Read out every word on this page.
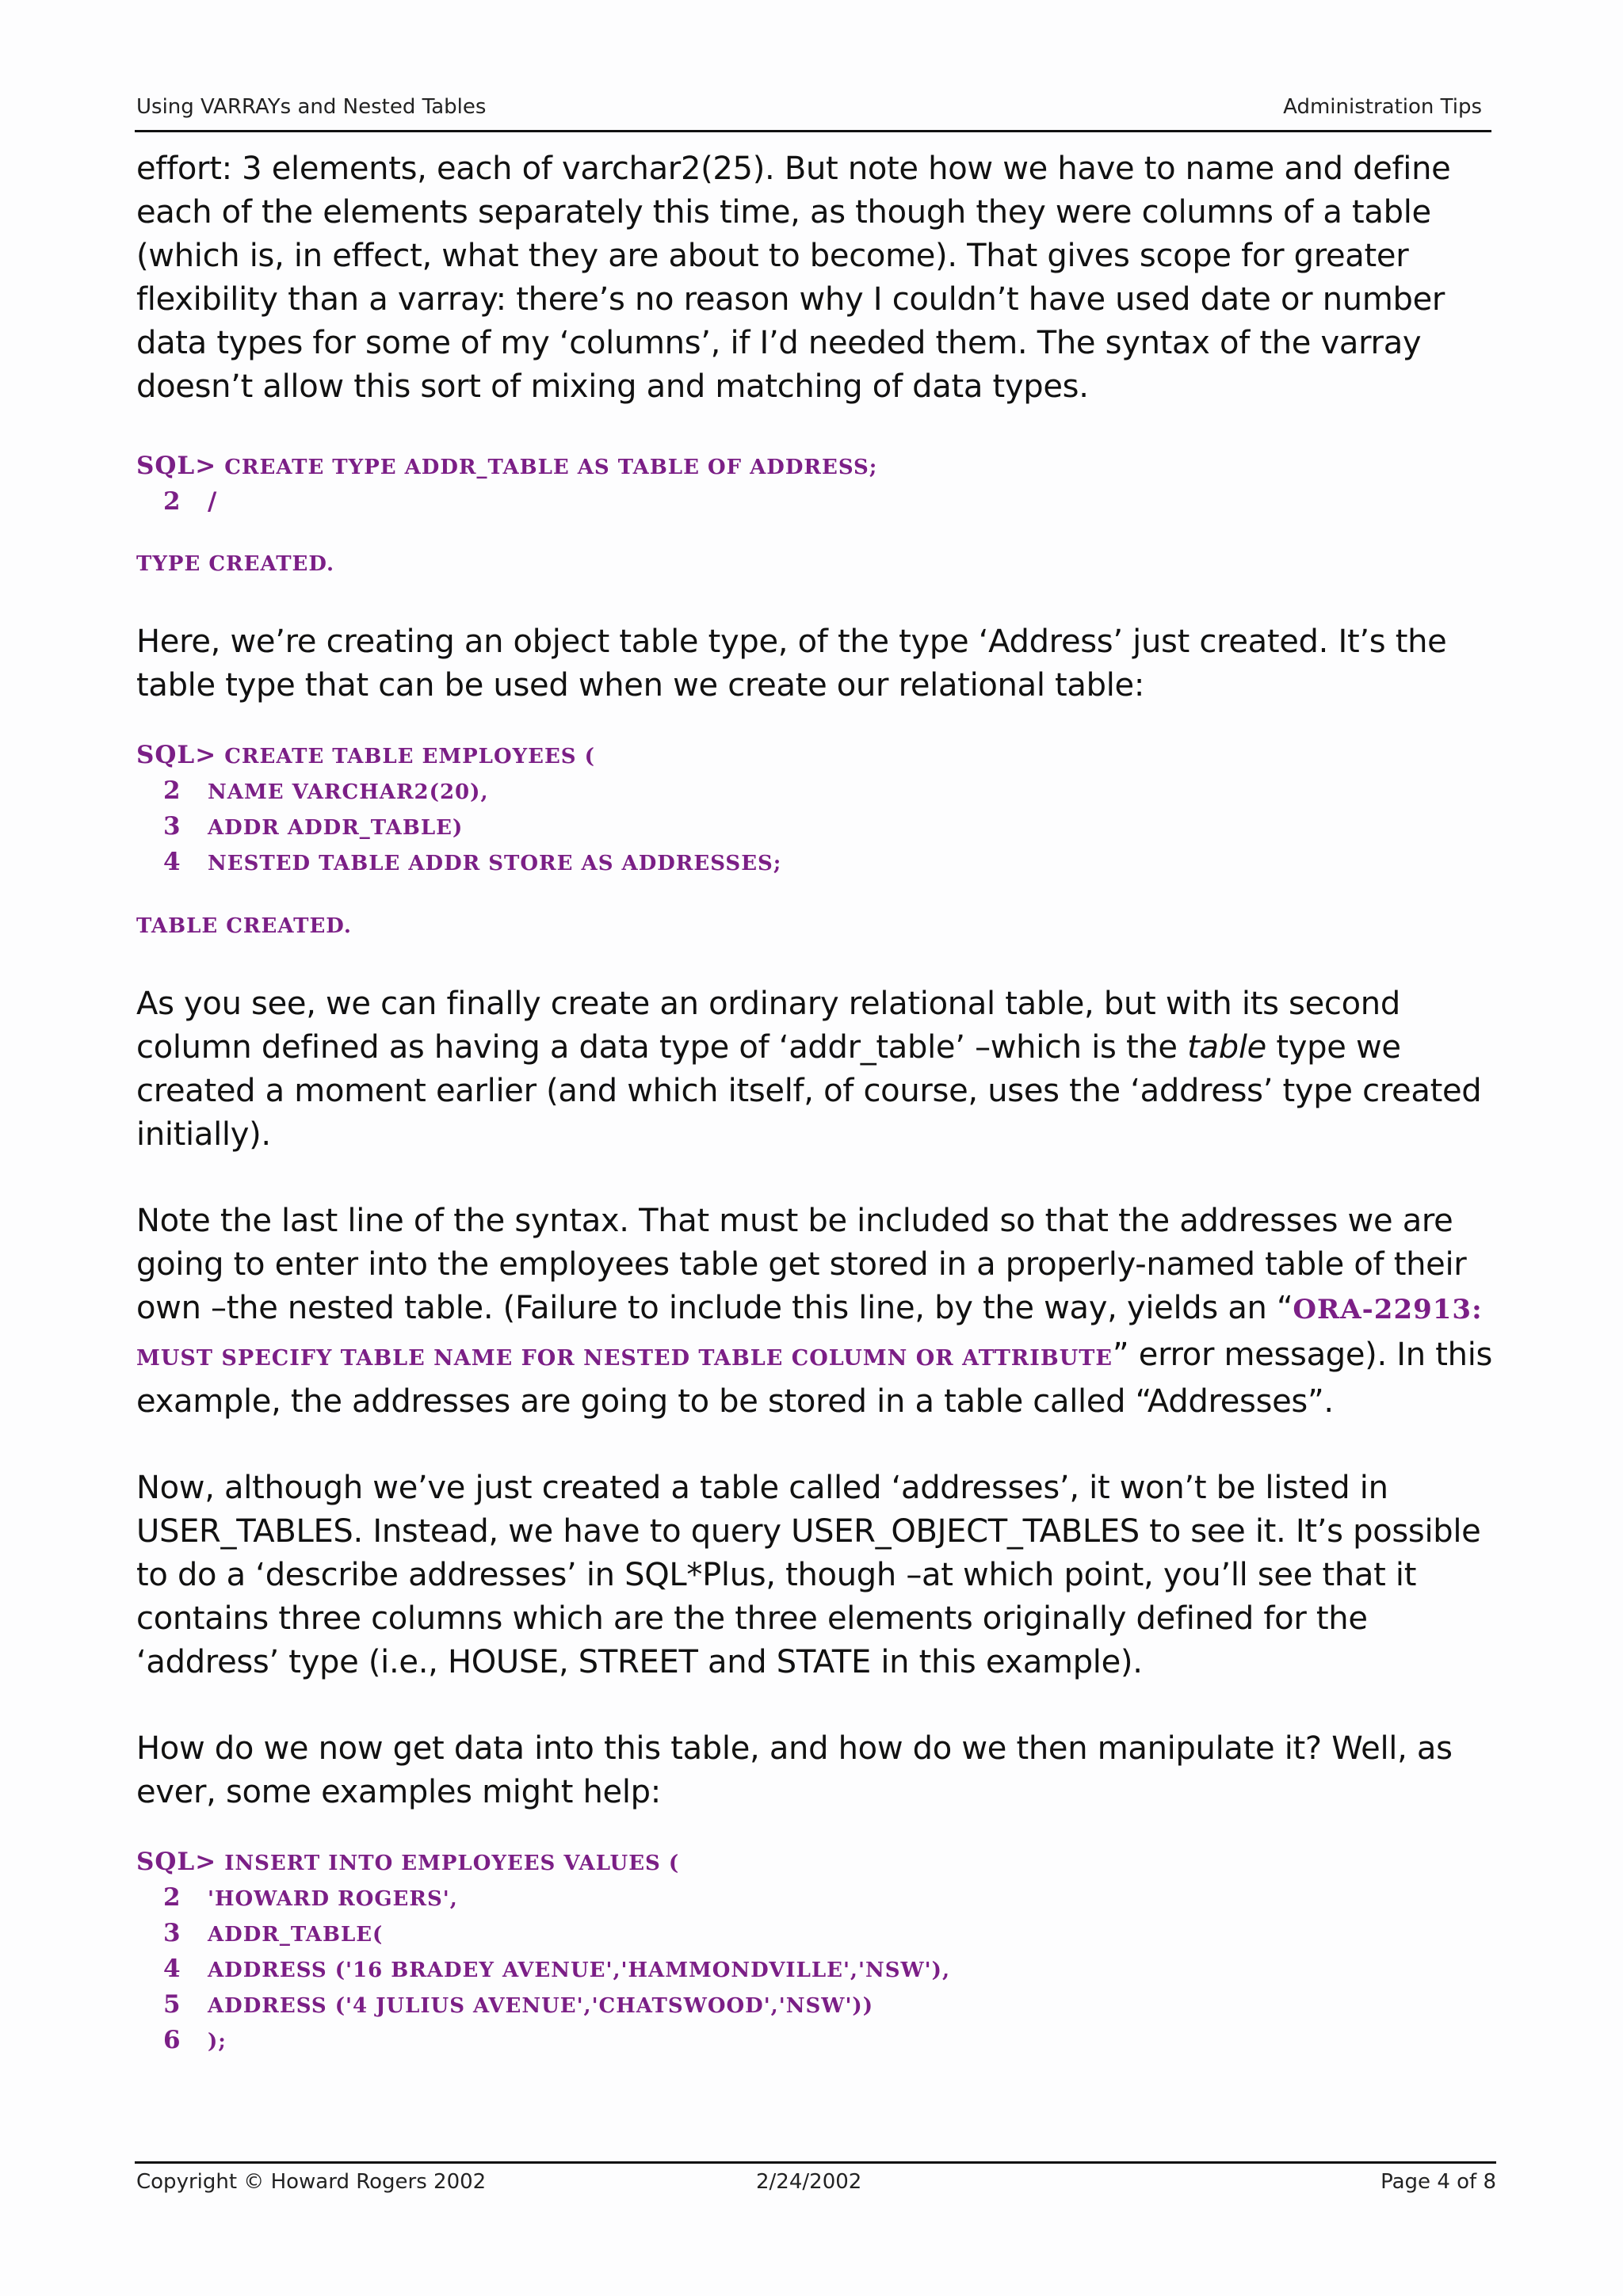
Using VARRAYs and Nested Tables	Administration Tips

effort: 3 elements, each of varchar2(25). But note how we have to name and define each of the elements separately this time, as though they were columns of a table (which is, in effect, what they are about to become). That gives scope for greater flexibility than a varray: there’s no reason why I couldn’t have used date or number data types for some of my ‘columns’, if I’d needed them. The syntax of the varray doesn’t allow this sort of mixing and matching of data types.

SQL> CREATE TYPE ADDR_TABLE AS TABLE OF ADDRESS;
2 /
TYPE CREATED.

Here, we’re creating an object table type, of the type ‘Address’ just created. It’s the table type that can be used when we create our relational table:

SQL> CREATE TABLE EMPLOYEES (
2 NAME VARCHAR2(20),
3 ADDR ADDR_TABLE)
4 NESTED TABLE ADDR STORE AS ADDRESSES;
TABLE CREATED.

As you see, we can finally create an ordinary relational table, but with its second column defined as having a data type of ‘addr_table’ –which is the table type we created a moment earlier (and which itself, of course, uses the ‘address’ type created initially).

Note the last line of the syntax. That must be included so that the addresses we are going to enter into the employees table get stored in a properly-named table of their own –the nested table. (Failure to include this line, by the way, yields an “ORA-22913: MUST SPECIFY TABLE NAME FOR NESTED TABLE COLUMN OR ATTRIBUTE” error message). In this example, the addresses are going to be stored in a table called “Addresses”.

Now, although we’ve just created a table called ‘addresses’, it won’t be listed in USER_TABLES. Instead, we have to query USER_OBJECT_TABLES to see it. It’s possible to do a ‘describe addresses’ in SQL*Plus, though –at which point, you’ll see that it contains three columns which are the three elements originally defined for the ‘address’ type (i.e., HOUSE, STREET and STATE in this example).

How do we now get data into this table, and how do we then manipulate it? Well, as ever, some examples might help:

SQL> INSERT INTO EMPLOYEES VALUES (
2 'HOWARD ROGERS',
3 ADDR_TABLE(
4 ADDRESS ('16 BRADEY AVENUE','HAMMONDVILLE','NSW'),
5 ADDRESS ('4 JULIUS AVENUE','CHATSWOOD','NSW'))
6 );
Copyright © Howard Rogers 2002	2/24/2002	Page 4 of 8
